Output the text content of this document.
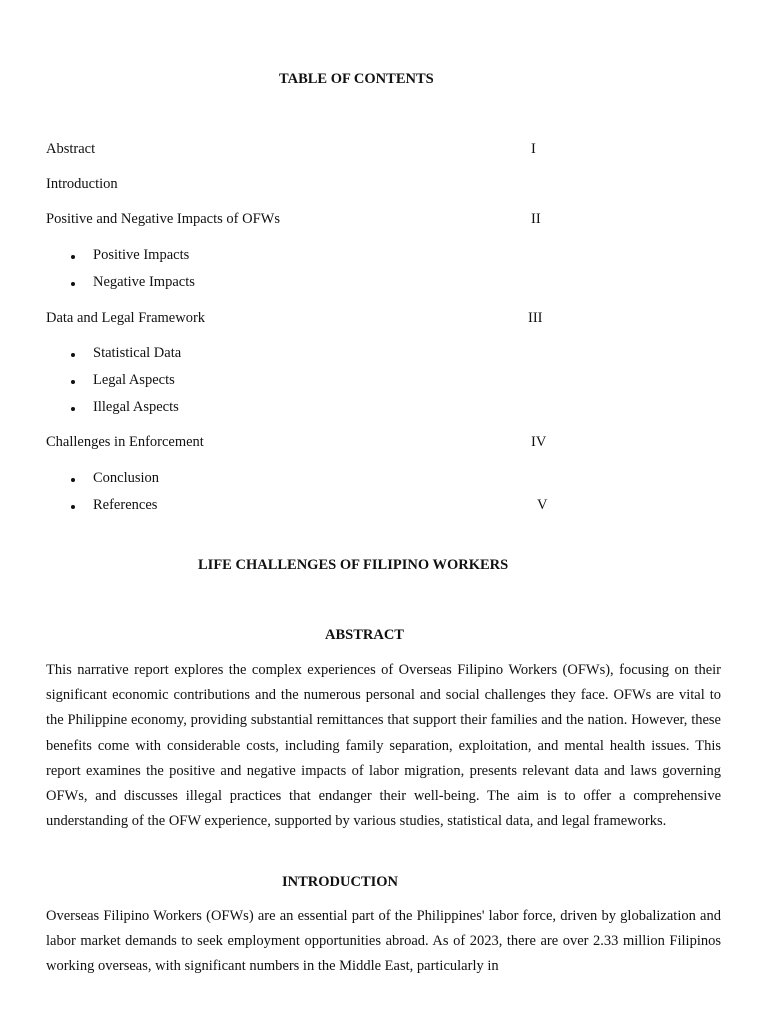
TABLE OF CONTENTS
Abstract	I
Introduction
Positive and Negative Impacts of OFWs	II
Positive Impacts
Negative Impacts
Data and Legal Framework	III
Statistical Data
Legal Aspects
Illegal Aspects
Challenges in Enforcement	IV
Conclusion
References	V
LIFE CHALLENGES OF FILIPINO WORKERS
ABSTRACT
This narrative report explores the complex experiences of Overseas Filipino Workers (OFWs), focusing on their significant economic contributions and the numerous personal and social challenges they face. OFWs are vital to the Philippine economy, providing substantial remittances that support their families and the nation. However, these benefits come with considerable costs, including family separation, exploitation, and mental health issues. This report examines the positive and negative impacts of labor migration, presents relevant data and laws governing OFWs, and discusses illegal practices that endanger their well-being. The aim is to offer a comprehensive understanding of the OFW experience, supported by various studies, statistical data, and legal frameworks.
INTRODUCTION
Overseas Filipino Workers (OFWs) are an essential part of the Philippines' labor force, driven by globalization and labor market demands to seek employment opportunities abroad. As of 2023, there are over 2.33 million Filipinos working overseas, with significant numbers in the Middle East, particularly in
